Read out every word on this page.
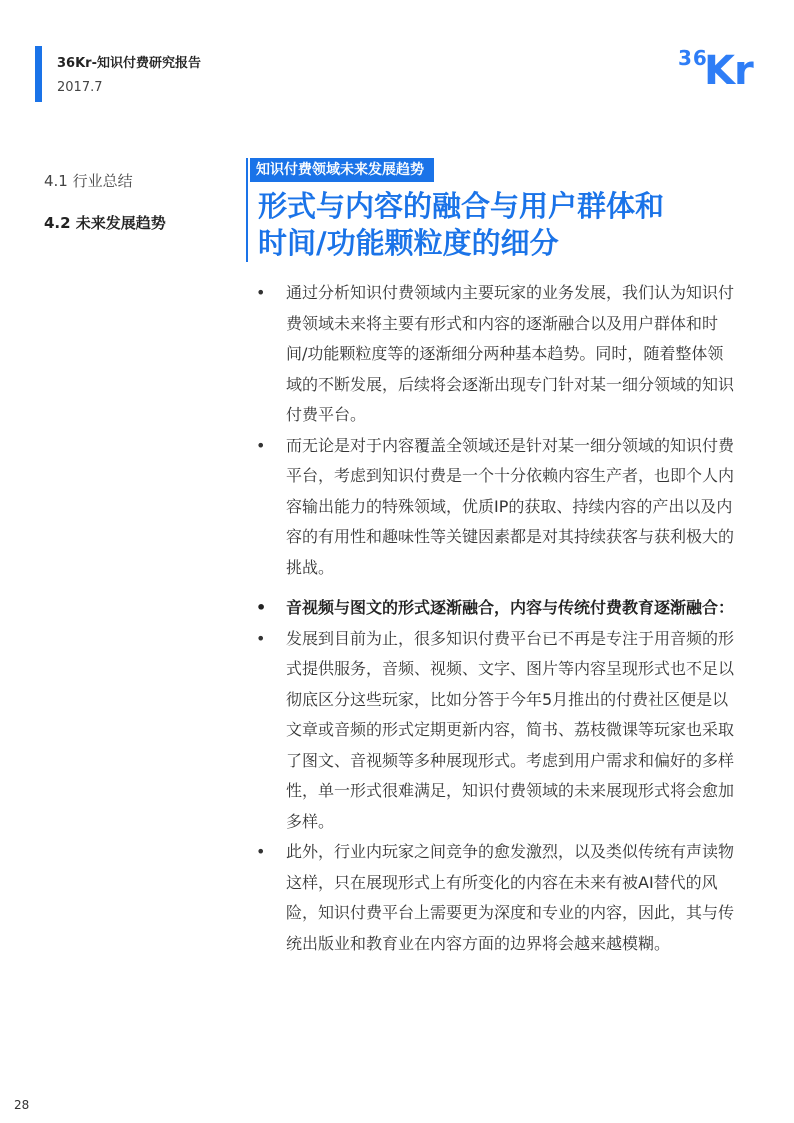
36Kr-知识付费研究报告
2017.7
36
Kr
4.1 行业总结
4.2 未来发展趋势
知识付费领域未来发展趋势
形式与内容的融合与用户群体和
时间/功能颗粒度的细分
• 通过分析知识付费领域内主要玩家的业务发展，我们认为知识付费领域未来将主要有形式和内容的逐渐融合以及用户群体和时间/功能颗粒度等的逐渐细分两种基本趋势。同时，随着整体领域的不断发展，后续将会逐渐出现专门针对某一细分领域的知识付费平台。
• 而无论是对于内容覆盖全领域还是针对某一细分领域的知识付费平台，考虑到知识付费是一个十分依赖内容生产者，也即个人内容输出能力的特殊领域，优质IP的获取、持续内容的产出以及内容的有用性和趣味性等关键因素都是对其持续获客与获利极大的挑战。
• 音视频与图文的形式逐渐融合，内容与传统付费教育逐渐融合：
• 发展到目前为止，很多知识付费平台已不再是专注于用音频的形式提供服务，音频、视频、文字、图片等内容呈现形式也不足以彻底区分这些玩家，比如分答于今年5月推出的付费社区便是以文章或音频的形式定期更新内容，简书、荔枝微课等玩家也采取了图文、音视频等多种展现形式。考虑到用户需求和偏好的多样性，单一形式很难满足，知识付费领域的未来展现形式将会愈加多样。
• 此外，行业内玩家之间竞争的愈发激烈，以及类似传统有声读物这样，只在展现形式上有所变化的内容在未来有被AI替代的风险，知识付费平台上需要更为深度和专业的内容，因此，其与传统出版业和教育业在内容方面的边界将会越来越模糊。
28
